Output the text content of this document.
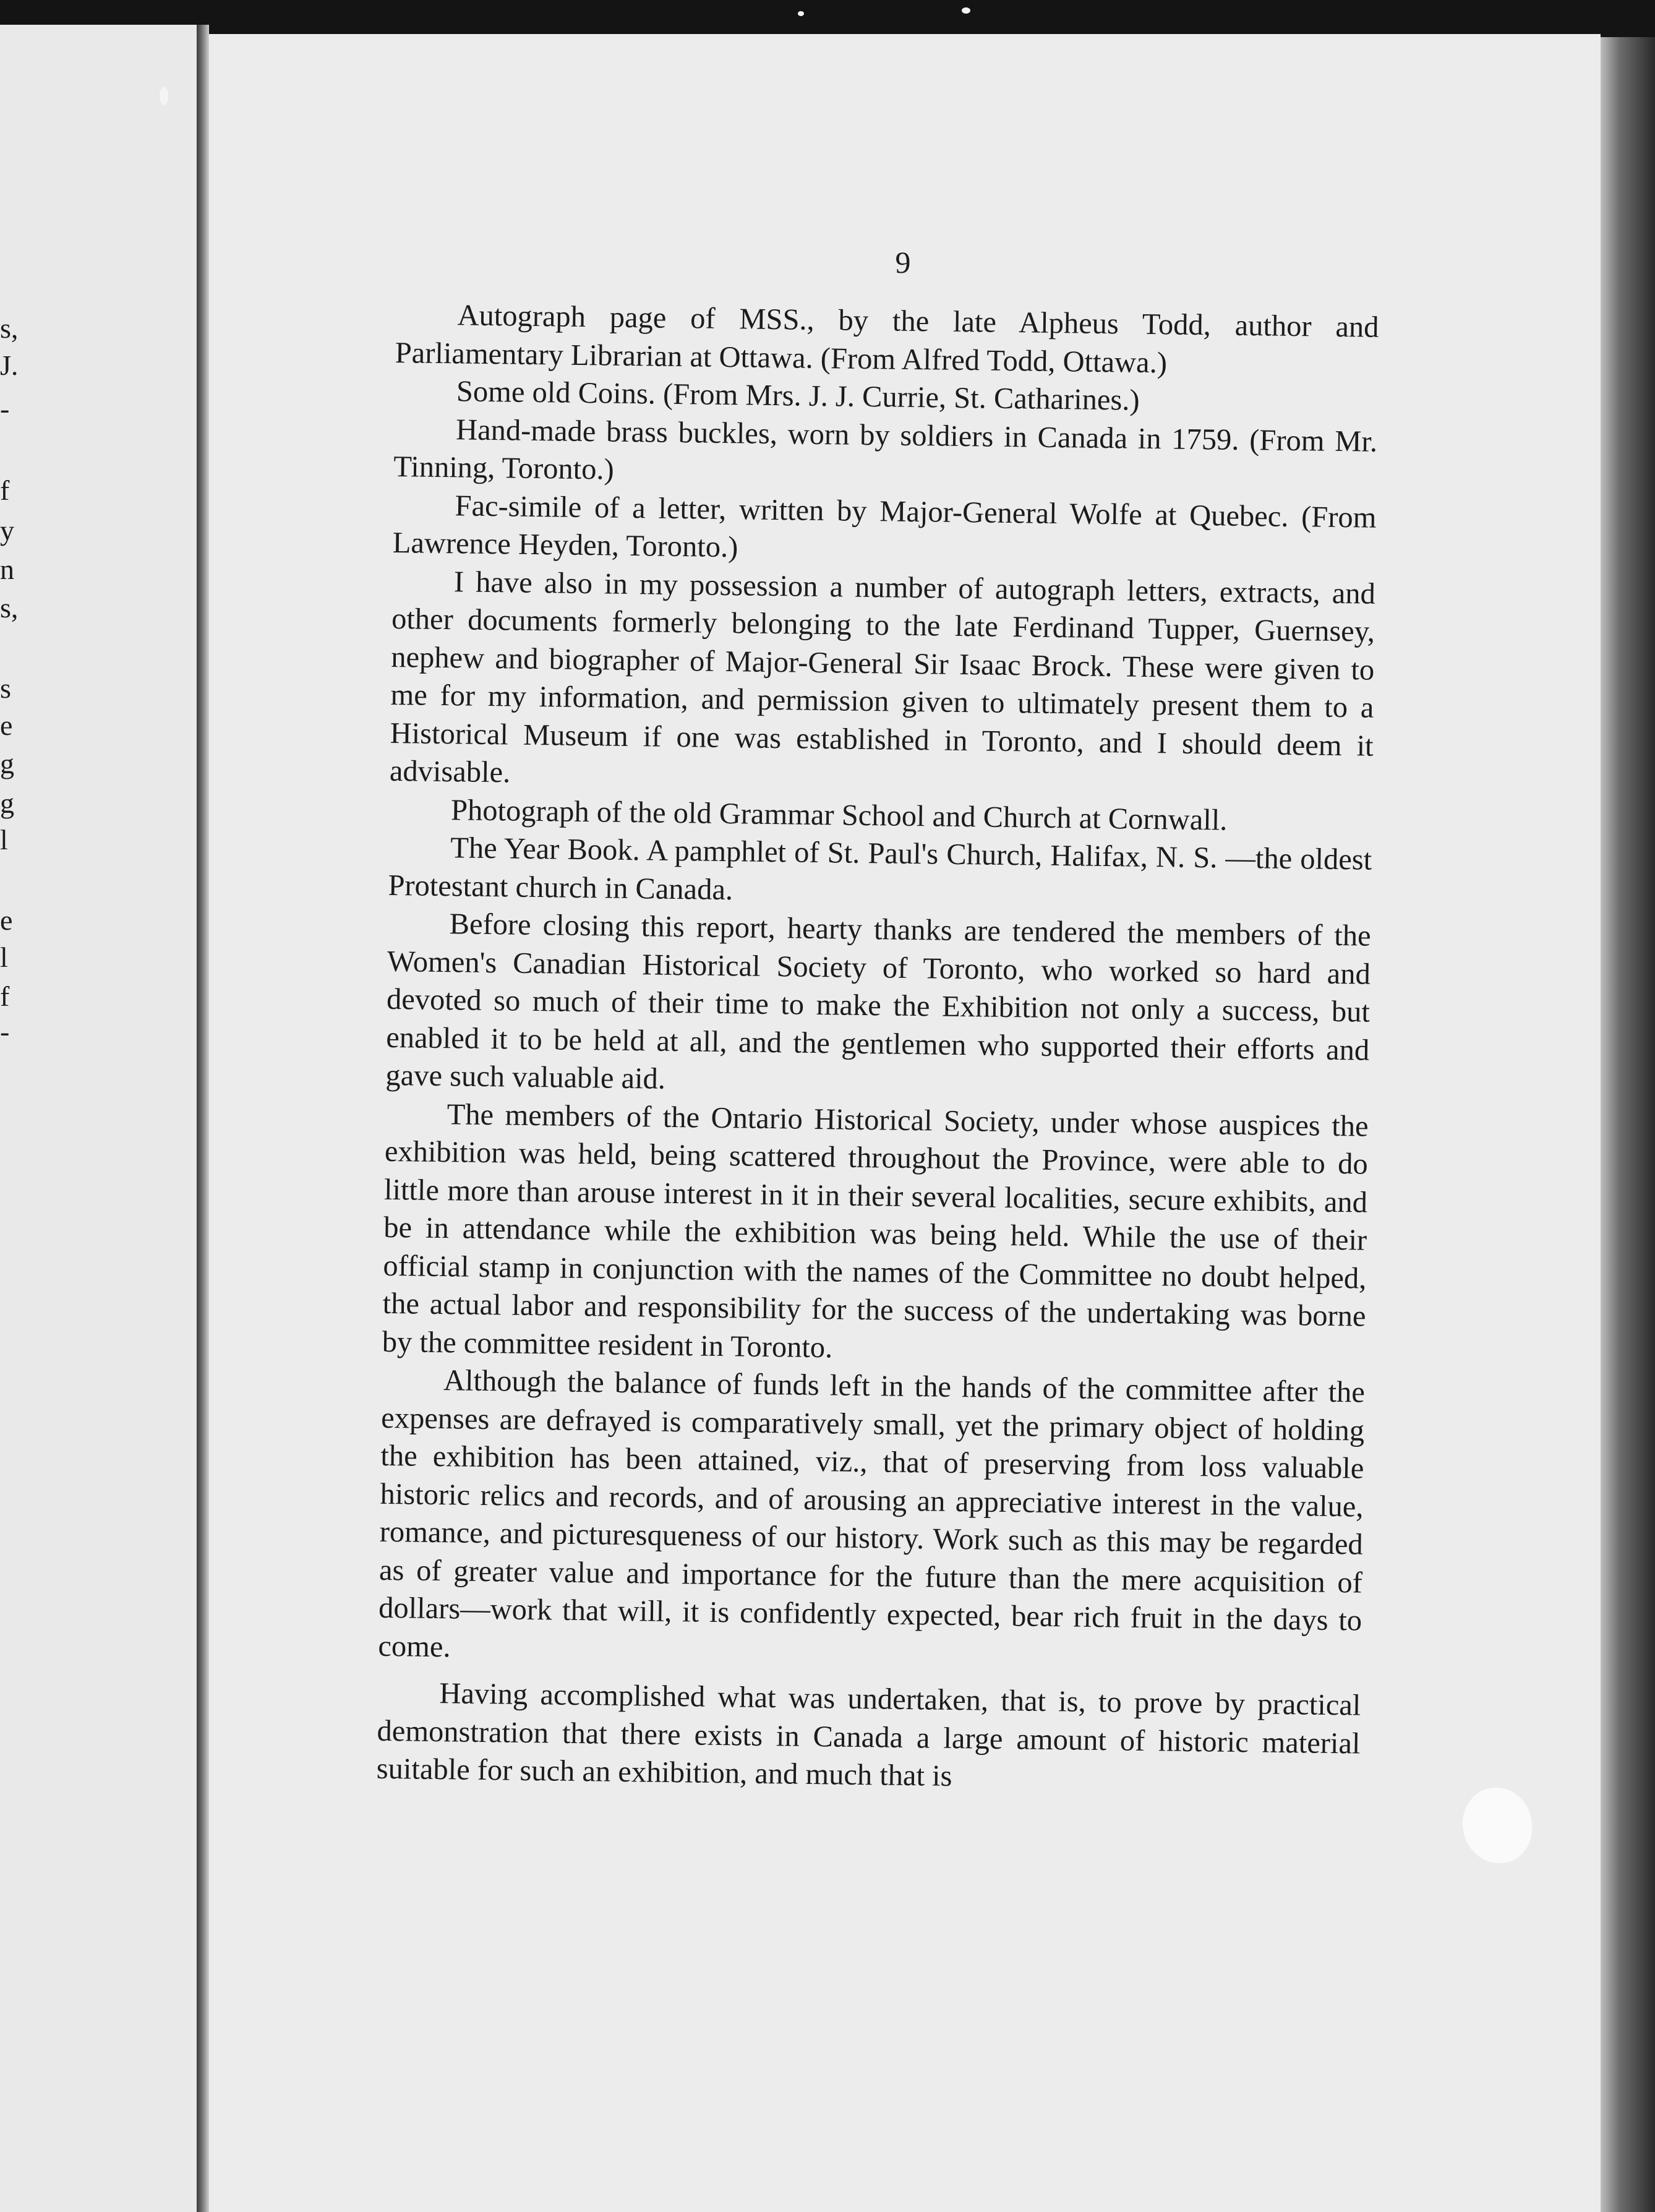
s,
J.
-
f
y
n
s,
s
e
g
g
l
e
l
f
-
9

Autograph page of MSS., by the late Alpheus Todd, author and Parliamentary Librarian at Ottawa. (From Alfred Todd, Ottawa.)

Some old Coins. (From Mrs. J. J. Currie, St. Catharines.)

Hand-made brass buckles, worn by soldiers in Canada in 1759. (From Mr. Tinning, Toronto.)

Fac-simile of a letter, written by Major-General Wolfe at Quebec. (From Lawrence Heyden, Toronto.)

I have also in my possession a number of autograph letters, extracts, and other documents formerly belonging to the late Ferdinand Tupper, Guernsey, nephew and biographer of Major-General Sir Isaac Brock. These were given to me for my information, and permission given to ultimately present them to a Historical Museum if one was established in Toronto, and I should deem it advisable.

Photograph of the old Grammar School and Church at Cornwall.

The Year Book. A pamphlet of St. Paul's Church, Halifax, N. S. —the oldest Protestant church in Canada.

Before closing this report, hearty thanks are tendered the members of the Women's Canadian Historical Society of Toronto, who worked so hard and devoted so much of their time to make the Exhibition not only a success, but enabled it to be held at all, and the gentlemen who supported their efforts and gave such valuable aid.

The members of the Ontario Historical Society, under whose auspices the exhibition was held, being scattered throughout the Province, were able to do little more than arouse interest in it in their several localities, secure exhibits, and be in attendance while the exhibition was being held. While the use of their official stamp in conjunction with the names of the Committee no doubt helped, the actual labor and responsibility for the success of the undertaking was borne by the committee resident in Toronto.

Although the balance of funds left in the hands of the committee after the expenses are defrayed is comparatively small, yet the primary object of holding the exhibition has been attained, viz., that of preserving from loss valuable historic relics and records, and of arousing an appreciative interest in the value, romance, and picturesqueness of our history. Work such as this may be regarded as of greater value and importance for the future than the mere acquisition of dollars—work that will, it is confidently expected, bear rich fruit in the days to come.

Having accomplished what was undertaken, that is, to prove by practical demonstration that there exists in Canada a large amount of historic material suitable for such an exhibition, and much that is
